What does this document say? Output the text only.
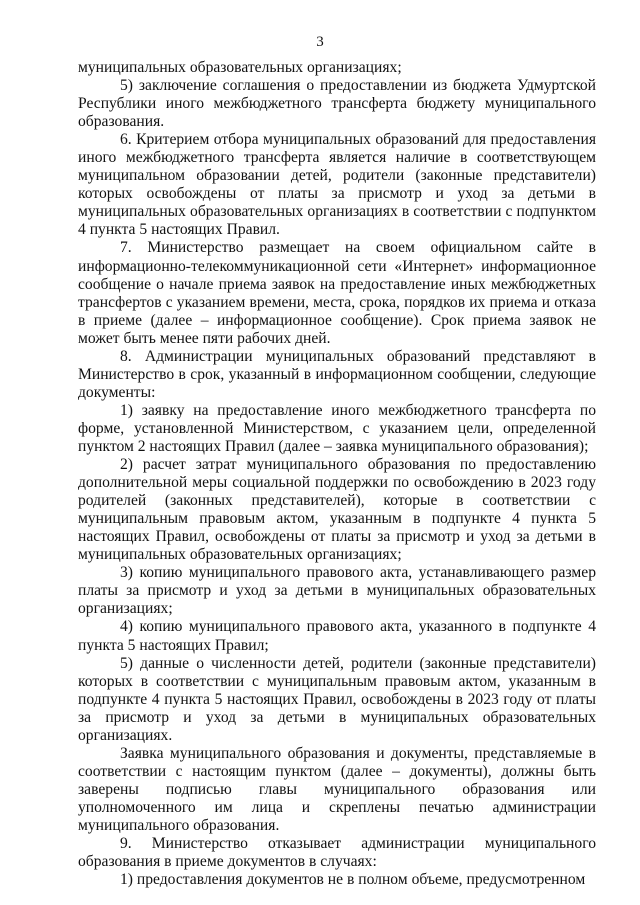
3

муниципальных образовательных организациях;

5) заключение соглашения о предоставлении из бюджета Удмуртской Республики иного межбюджетного трансферта бюджету муниципального образования.

6. Критерием отбора муниципальных образований для предоставления иного межбюджетного трансферта является наличие в соответствующем муниципальном образовании детей, родители (законные представители) которых освобождены от платы за присмотр и уход за детьми в муниципальных образовательных организациях в соответствии с подпунктом 4 пункта 5 настоящих Правил.

7. Министерство размещает на своем официальном сайте в информационно-телекоммуникационной сети «Интернет» информационное сообщение о начале приема заявок на предоставление иных межбюджетных трансфертов с указанием времени, места, срока, порядков их приема и отказа в приеме (далее – информационное сообщение). Срок приема заявок не может быть менее пяти рабочих дней.

8. Администрации муниципальных образований представляют в Министерство в срок, указанный в информационном сообщении, следующие документы:

1) заявку на предоставление иного межбюджетного трансферта по форме, установленной Министерством, с указанием цели, определенной пунктом 2 настоящих Правил (далее – заявка муниципального образования);

2) расчет затрат муниципального образования по предоставлению дополнительной меры социальной поддержки по освобождению в 2023 году родителей (законных представителей), которые в соответствии с муниципальным правовым актом, указанным в подпункте 4 пункта 5 настоящих Правил, освобождены от платы за присмотр и уход за детьми в муниципальных образовательных организациях;

3) копию муниципального правового акта, устанавливающего размер платы за присмотр и уход за детьми в муниципальных образовательных организациях;

4) копию муниципального правового акта, указанного в подпункте 4 пункта 5 настоящих Правил;

5) данные о численности детей, родители (законные представители) которых в соответствии с муниципальным правовым актом, указанным в подпункте 4 пункта 5 настоящих Правил, освобождены в 2023 году от платы за присмотр и уход за детьми в муниципальных образовательных организациях.

Заявка муниципального образования и документы, представляемые в соответствии с настоящим пунктом (далее – документы), должны быть заверены подписью главы муниципального образования или уполномоченного им лица и скреплены печатью администрации муниципального образования.

9. Министерство отказывает администрации муниципального образования в приеме документов в случаях:

1) предоставления документов не в полном объеме, предусмотренном
